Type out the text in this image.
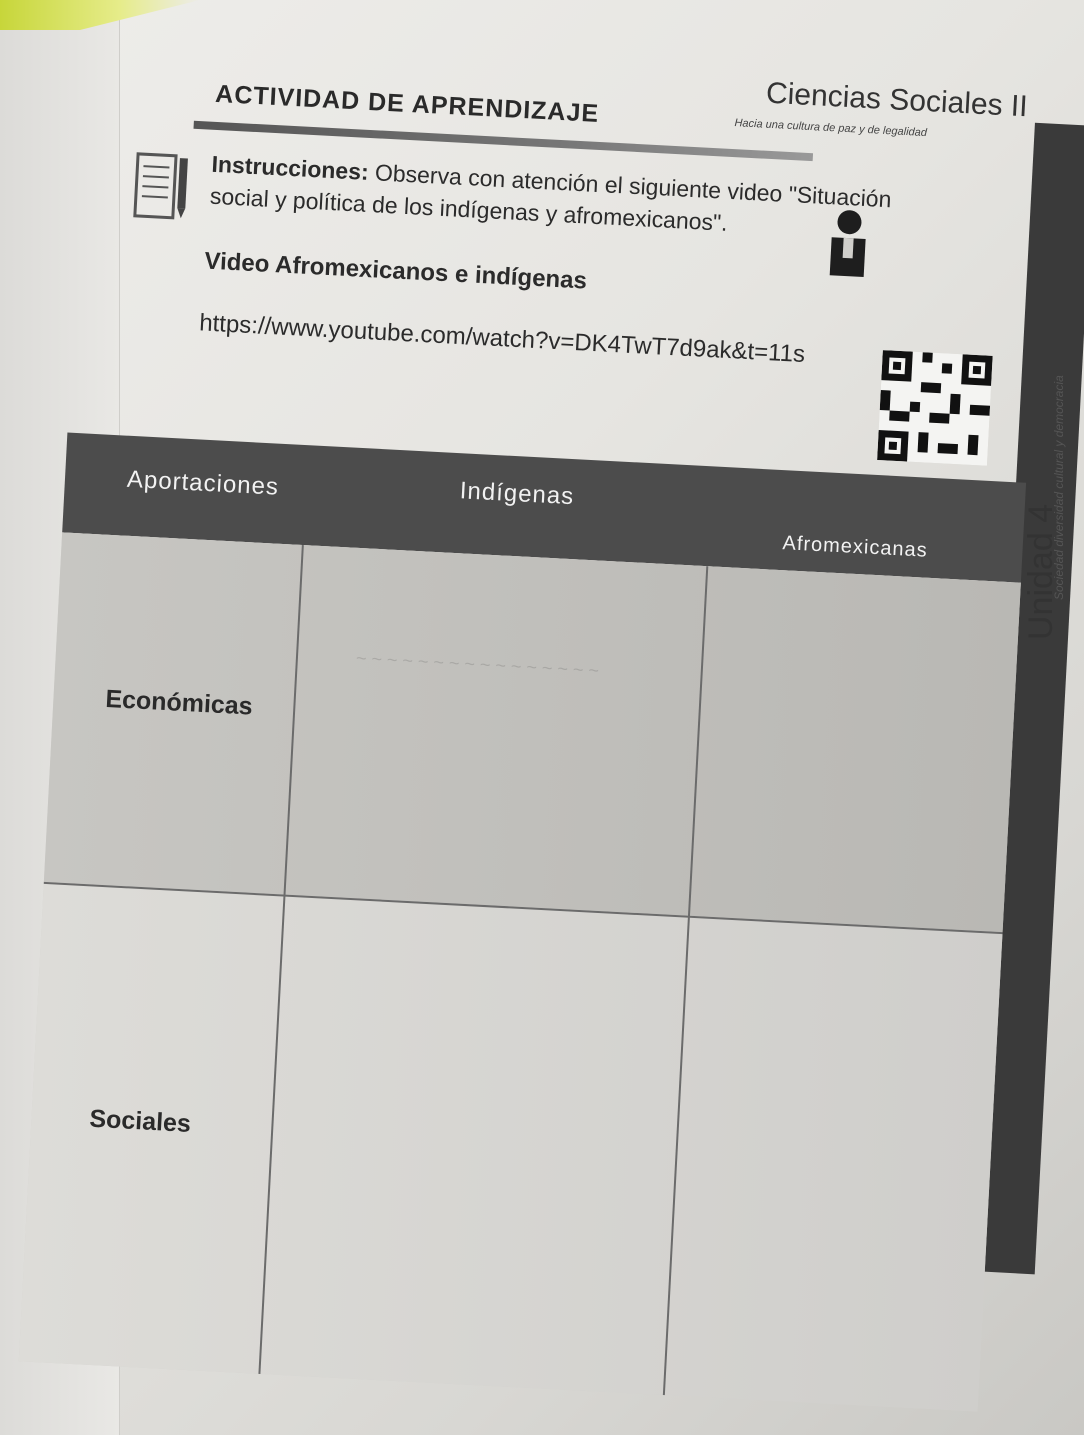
Ciencias Sociales II
Hacia una cultura de paz y de legalidad
ACTIVIDAD DE APRENDIZAJE
Instrucciones: Observa con atención el siguiente video "Situación social y política de los indígenas y afromexicanos".
Video Afromexicanos e indígenas
https://www.youtube.com/watch?v=DK4TwT7d9ak&t=11s
Aportaciones	Indígenas
Afromexicanas
Económicas
~ ~ ~ ~ ~ ~ ~ ~ ~ ~ ~ ~ ~ ~ ~ ~
Sociales
Unidad 4
Sociedad diversidad cultural y democracia
